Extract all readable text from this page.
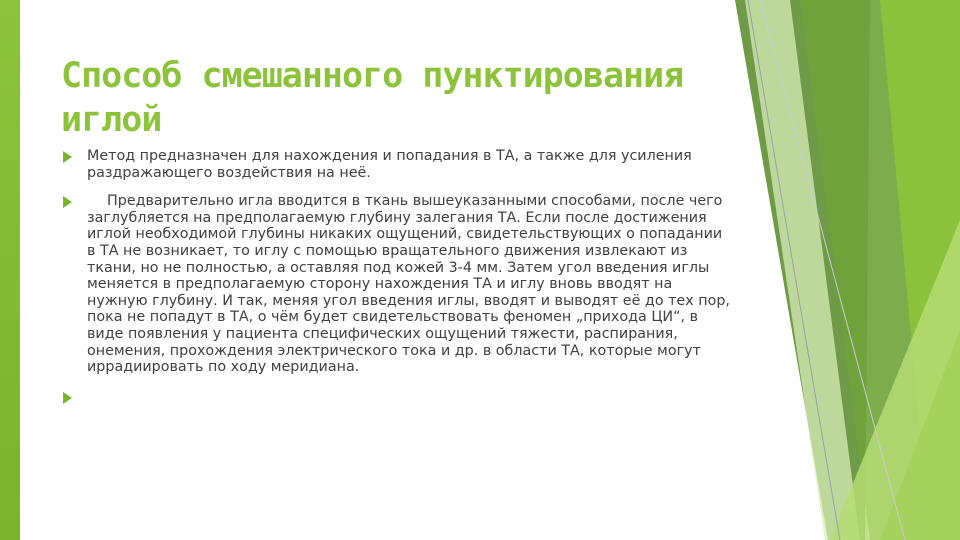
Способ смешанного пунктирования иглой
Метод предназначен для нахождения и попадания в ТА, а также для усиления раздражающего воздействия на неё.
Предварительно игла вводится в ткань вышеуказанными способами, после чего заглубляется на предполагаемую глубину залегания ТА. Если после достижения иглой необходимой глубины никаких ощущений, свидетельствующих о попадании в ТА не возникает, то иглу с помощью вращательного движения извлекают из ткани, но не полностью, а оставляя под кожей 3-4 мм. Затем угол введения иглы меняется в предполагаемую сторону нахождения ТА и иглу вновь вводят на нужную глубину. И так, меняя угол введения иглы, вводят и выводят её до тех пор, пока не попадут в ТА, о чём будет свидетельствовать феномен „прихода ЦИ“, в виде появления у пациента специфических ощущений тяжести, распирания, онемения, прохождения электрического тока и др. в области ТА, которые могут иррадиировать по ходу меридиана.
